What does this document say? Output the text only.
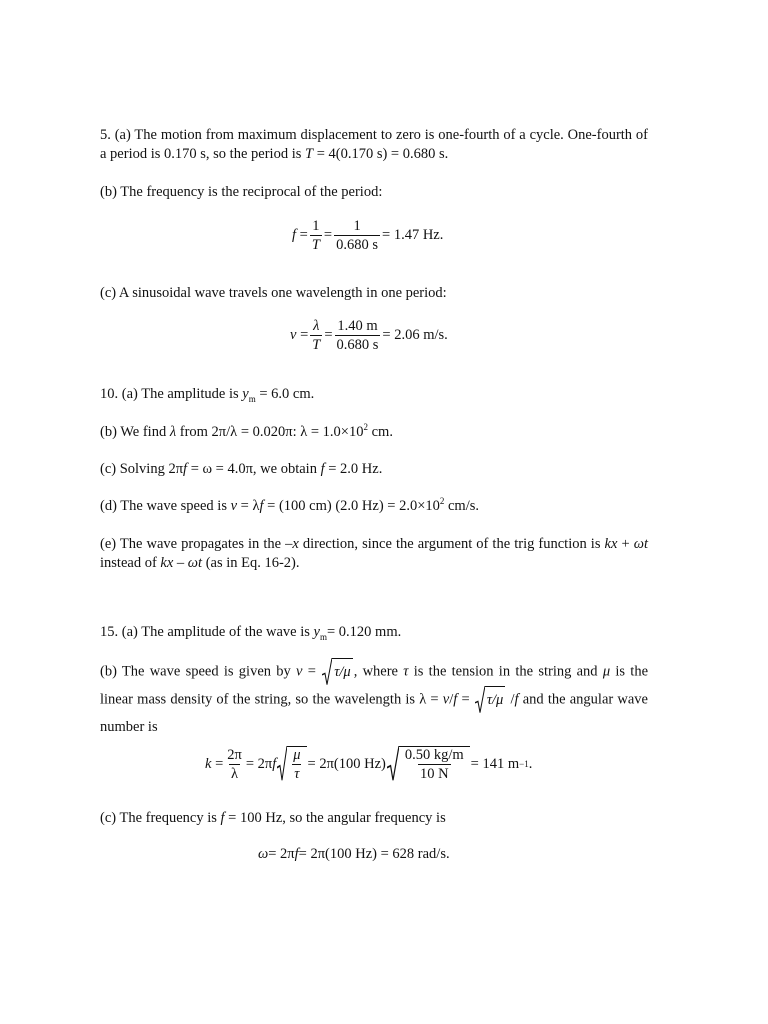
5. (a) The motion from maximum displacement to zero is one-fourth of a cycle. One-fourth of a period is 0.170 s, so the period is T = 4(0.170 s) = 0.680 s.
(b) The frequency is the reciprocal of the period:
$f = \frac{1}{T} = \frac{1}{0.680 s} = 1.47$ Hz.
(c) A sinusoidal wave travels one wavelength in one period:
$v = \frac{\lambda}{T} = \frac{1.40 m}{0.680 s} = 2.06$ m/s.
10. (a) The amplitude is $y_m = 6.0$ cm.
(b) We find λ from 2π/λ = 0.020π: $\lambda = 1.0\times 10^2$ cm.
(c) Solving 2πf = ω = 4.0π, we obtain f = 2.0 Hz.
(d) The wave speed is v = λf = (100 cm) (2.0 $Hz) = 2.0\times 10^2$ cm/s.
(e) The wave propagates in the –x direction, since the argument of the trig function is kx + ωt instead of kx – ωt (as in Eq. 16-2).
15. (a) The amplitude of the wave is $y_m= 0.120$ mm.
(b) The wave speed is given by v = τ/μ , where τ is the tension in the string and μ is the linear mass density of the string, so the wavelength is λ = v/f = τ/μ /f and the angular wave number is
$k = \frac{2\pi}{\lambda} = 2\pi$ f $\frac{\mu}{\tau} = 2\pi(100$ $Hz) \frac{0.50 kg/m}{10 N} = 141$ m −1 .
(c) The frequency is f = 100 Hz, so the angular frequency is
ω = 2π f = 2π(100 Hz) = 628 rad/s.
